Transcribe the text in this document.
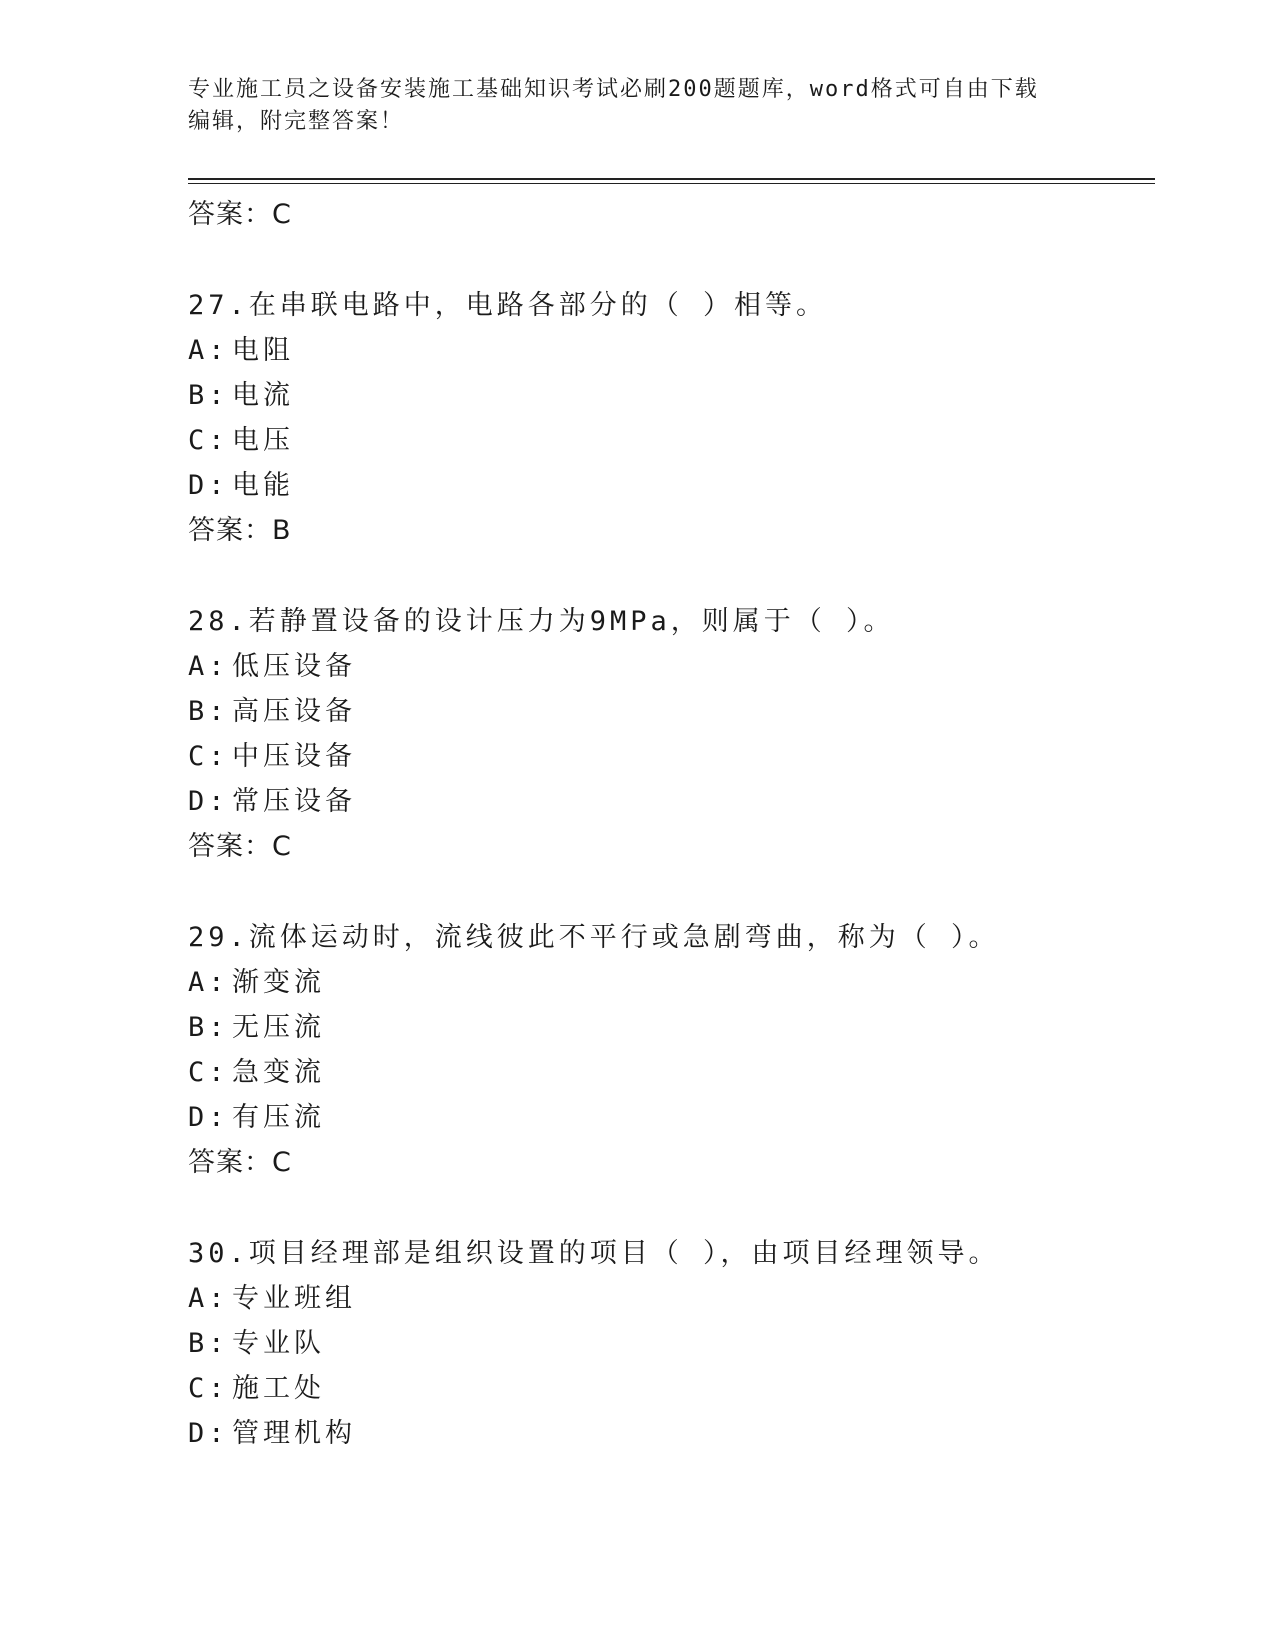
专业施工员之设备安装施工基础知识考试必刷200题题库，word格式可自由下载
编辑，附完整答案！
答案：C
27.在串联电路中，电路各部分的（ ）相等。
A: 电阻
B: 电流
C: 电压
D: 电能
答案：B
28.若静置设备的设计压力为9MPa，则属于（ ）。
A: 低压设备
B: 高压设备
C: 中压设备
D: 常压设备
答案：C
29.流体运动时，流线彼此不平行或急剧弯曲，称为（ ）。
A: 渐变流
B: 无压流
C: 急变流
D: 有压流
答案：C
30.项目经理部是组织设置的项目（ ），由项目经理领导。
A: 专业班组
B: 专业队
C: 施工处
D: 管理机构
